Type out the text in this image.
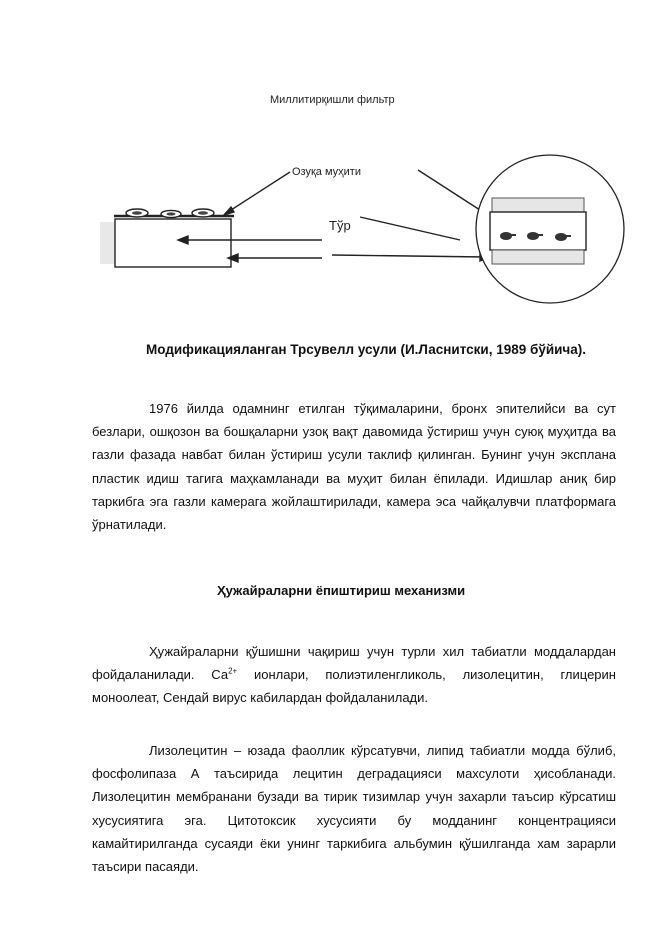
Миллитирқишли фильтр
Озуқа муҳити
Тўр
Модификацияланган Трсувелл усули (И.Ласнитски, 1989 бўйича).

1976 йилда одамнинг етилган тўқималарини, бронх эпителийси ва сут безлари, ошқозон ва бошқаларни узоқ вақт давомида ўстириш учун суюқ муҳитда ва газли фазада навбат билан ўстириш усули таклиф қилинган. Бунинг учун эксплана пластик идиш тагига маҳкамланади ва муҳит билан ёпилади. Идишлар аниқ бир таркибга эга газли камерага жойлаштирилади, камера эса чайқалувчи платформага ўрнатилади.

Ҳужайраларни ёпиштириш механизми

Ҳужайраларни қўшишни чақириш учун турли хил табиатли моддалардан фойдаланилади. $Са^{2+}$ ионлари, полиэтиленгликоль, лизолецитин, глицерин моноолеат, Сендай вирус кабилардан фойдаланилади.

Лизолецитин – юзада фаоллик кўрсатувчи, липид табиатли модда бўлиб, фосфолипаза А таъсирида лецитин деградацияси махсулоти ҳисобланади. Лизолецитин мембранани бузади ва тирик тизимлар учун захарли таъсир кўрсатиш хусусиятига эга. Цитотоксик хусусияти бу модданинг концентрацияси камайтирилганда сусаяди ёки унинг таркибига альбумин қўшилганда хам зарарли таъсири пасаяди.
